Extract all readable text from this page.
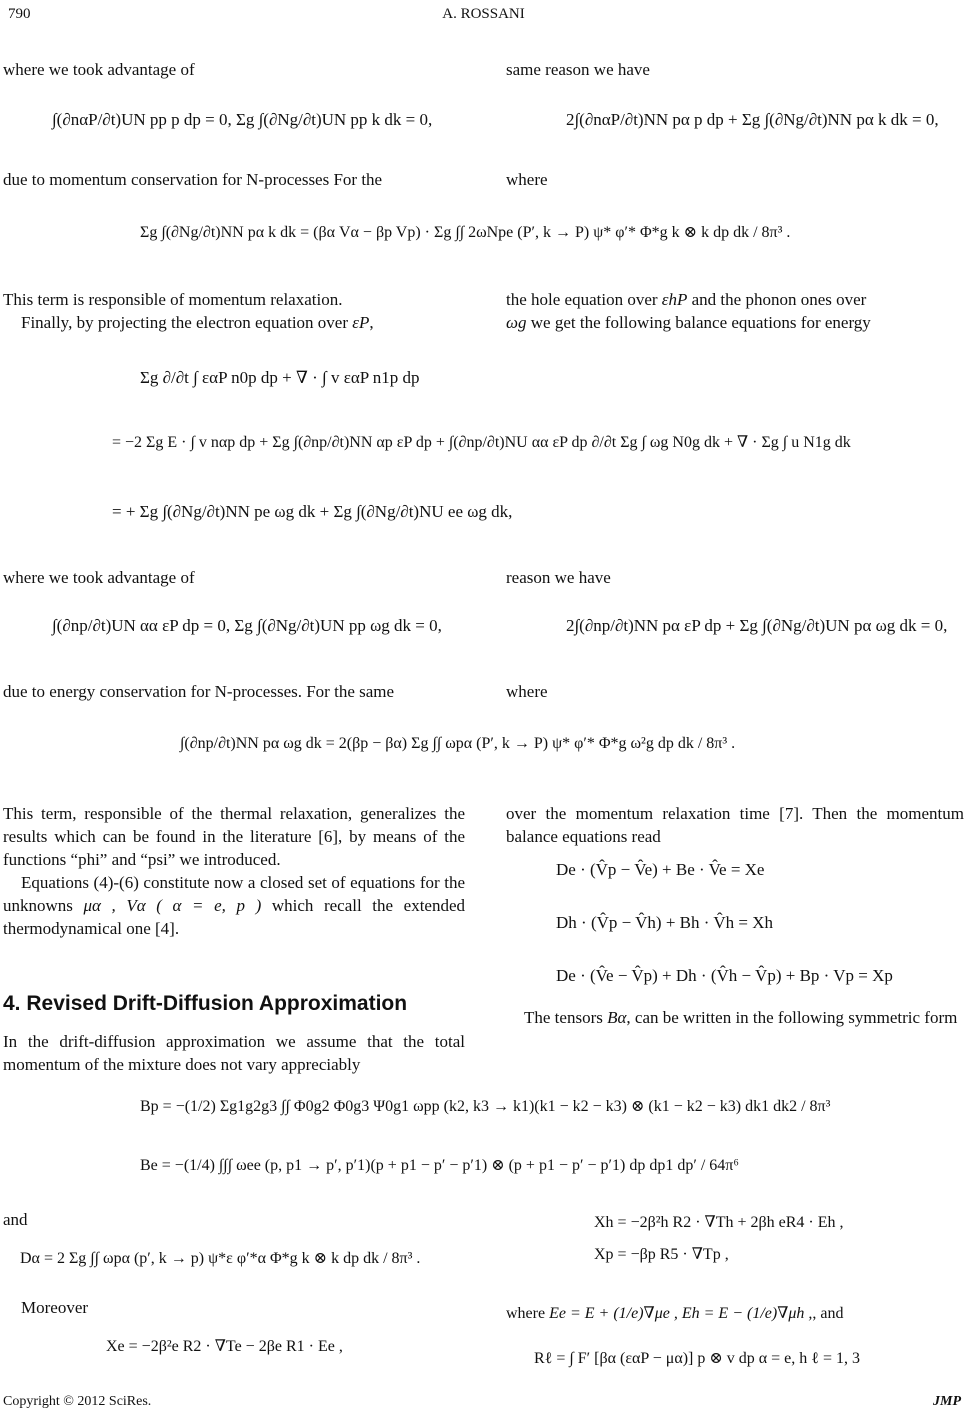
790	A. ROSSANI

where we took advantage of	same reason we have

∫(∂nαP/∂t)UN pp p dp = 0, Σg ∫(∂Ng/∂t)UN pp k dk = 0,	2∫(∂nαP/∂t)NN pα p dp + Σg ∫(∂Ng/∂t)NN pα k dk = 0,

due to momentum conservation for N-processes For the	where

Σg ∫(∂Ng/∂t)NN pα k dk = (βα Vα − βp Vp) · Σg ∫∫ 2ωNpe (P′, k → P) ψ* φ′* Φ*g k ⊗ k dp dk / 8π³ .

This term is responsible of momentum relaxation.

Finally, by projecting the electron equation over εP,

the hole equation over εhP and the phonon ones over

ωg we get the following balance equations for energy

Σg ∂/∂t ∫ εαP n0p dp + ∇ · ∫ v εαP n1p dp
= −2 Σg E · ∫ v nαp dp + Σg ∫(∂np/∂t)NN αp εP dp + ∫(∂np/∂t)NU αα εP dp ∂/∂t Σg ∫ ωg N0g dk + ∇ · Σg ∫ u N1g dk
= + Σg ∫(∂Ng/∂t)NN pe ωg dk + Σg ∫(∂Ng/∂t)NU ee ωg dk,

where we took advantage of	reason we have

∫(∂np/∂t)UN αα εP dp = 0, Σg ∫(∂Ng/∂t)UN pp ωg dk = 0,	2∫(∂np/∂t)NN pα εP dp + Σg ∫(∂Ng/∂t)UN pα ωg dk = 0,

due to energy conservation for N-processes. For the same	where

∫(∂np/∂t)NN pα ωg dk = 2(βp − βα) Σg ∫∫ ωpα (P′, k → P) ψ* φ′* Φ*g ω²g dp dk / 8π³ .

This term, responsible of the thermal relaxation, generalizes the results which can be found in the literature [6], by means of the functions “phi” and “psi” we introduced.

Equations (4)-(6) constitute now a closed set of equations for the unknowns μα , Vα ( α = e, p ) which recall the extended thermodynamical one [4].

over the momentum relaxation time [7]. Then the momentum balance equations read

De · (V̂p − V̂e) + Be · V̂e = Xe
Dh · (V̂p − V̂h) + Bh · V̂h = Xh
De · (V̂e − V̂p) + Dh · (V̂h − V̂p) + Bp · Vp = Xp
4. Revised Drift-Diffusion Approximation

In the drift-diffusion approximation we assume that the total momentum of the mixture does not vary appreciably

The tensors Bα, can be written in the following symmetric form

Bp = −(1/2) Σg1g2g3 ∫∫ Φ0g2 Φ0g3 Ψ0g1 ωpp (k2, k3 → k1)(k1 − k2 − k3) ⊗ (k1 − k2 − k3) dk1 dk2 / 8π³
Be = −(1/4) ∫∫∫ ωee (p, p1 → p′, p′1)(p + p1 − p′ − p′1) ⊗ (p + p1 − p′ − p′1) dp dp1 dp′ / 64π⁶

and

Dα = 2 Σg ∫∫ ωpα (p′, k → p) ψ*ε φ′*α Φ*g k ⊗ k dp dk / 8π³ .

Moreover

Xe = −2β²e R2 · ∇Te − 2βe R1 · Ee ,
Xh = −2β²h R2 · ∇Th + 2βh eR4 · Eh ,
Xp = −βp R5 · ∇Tp ,

where Ee = E + (1/e)∇μe , Eh = E − (1/e)∇μh ,, and

Rℓ = ∫ F′ [βα (εαP − μα)] p ⊗ v dp α = e, h ℓ = 1, 3
Copyright © 2012 SciRes.	JMP
